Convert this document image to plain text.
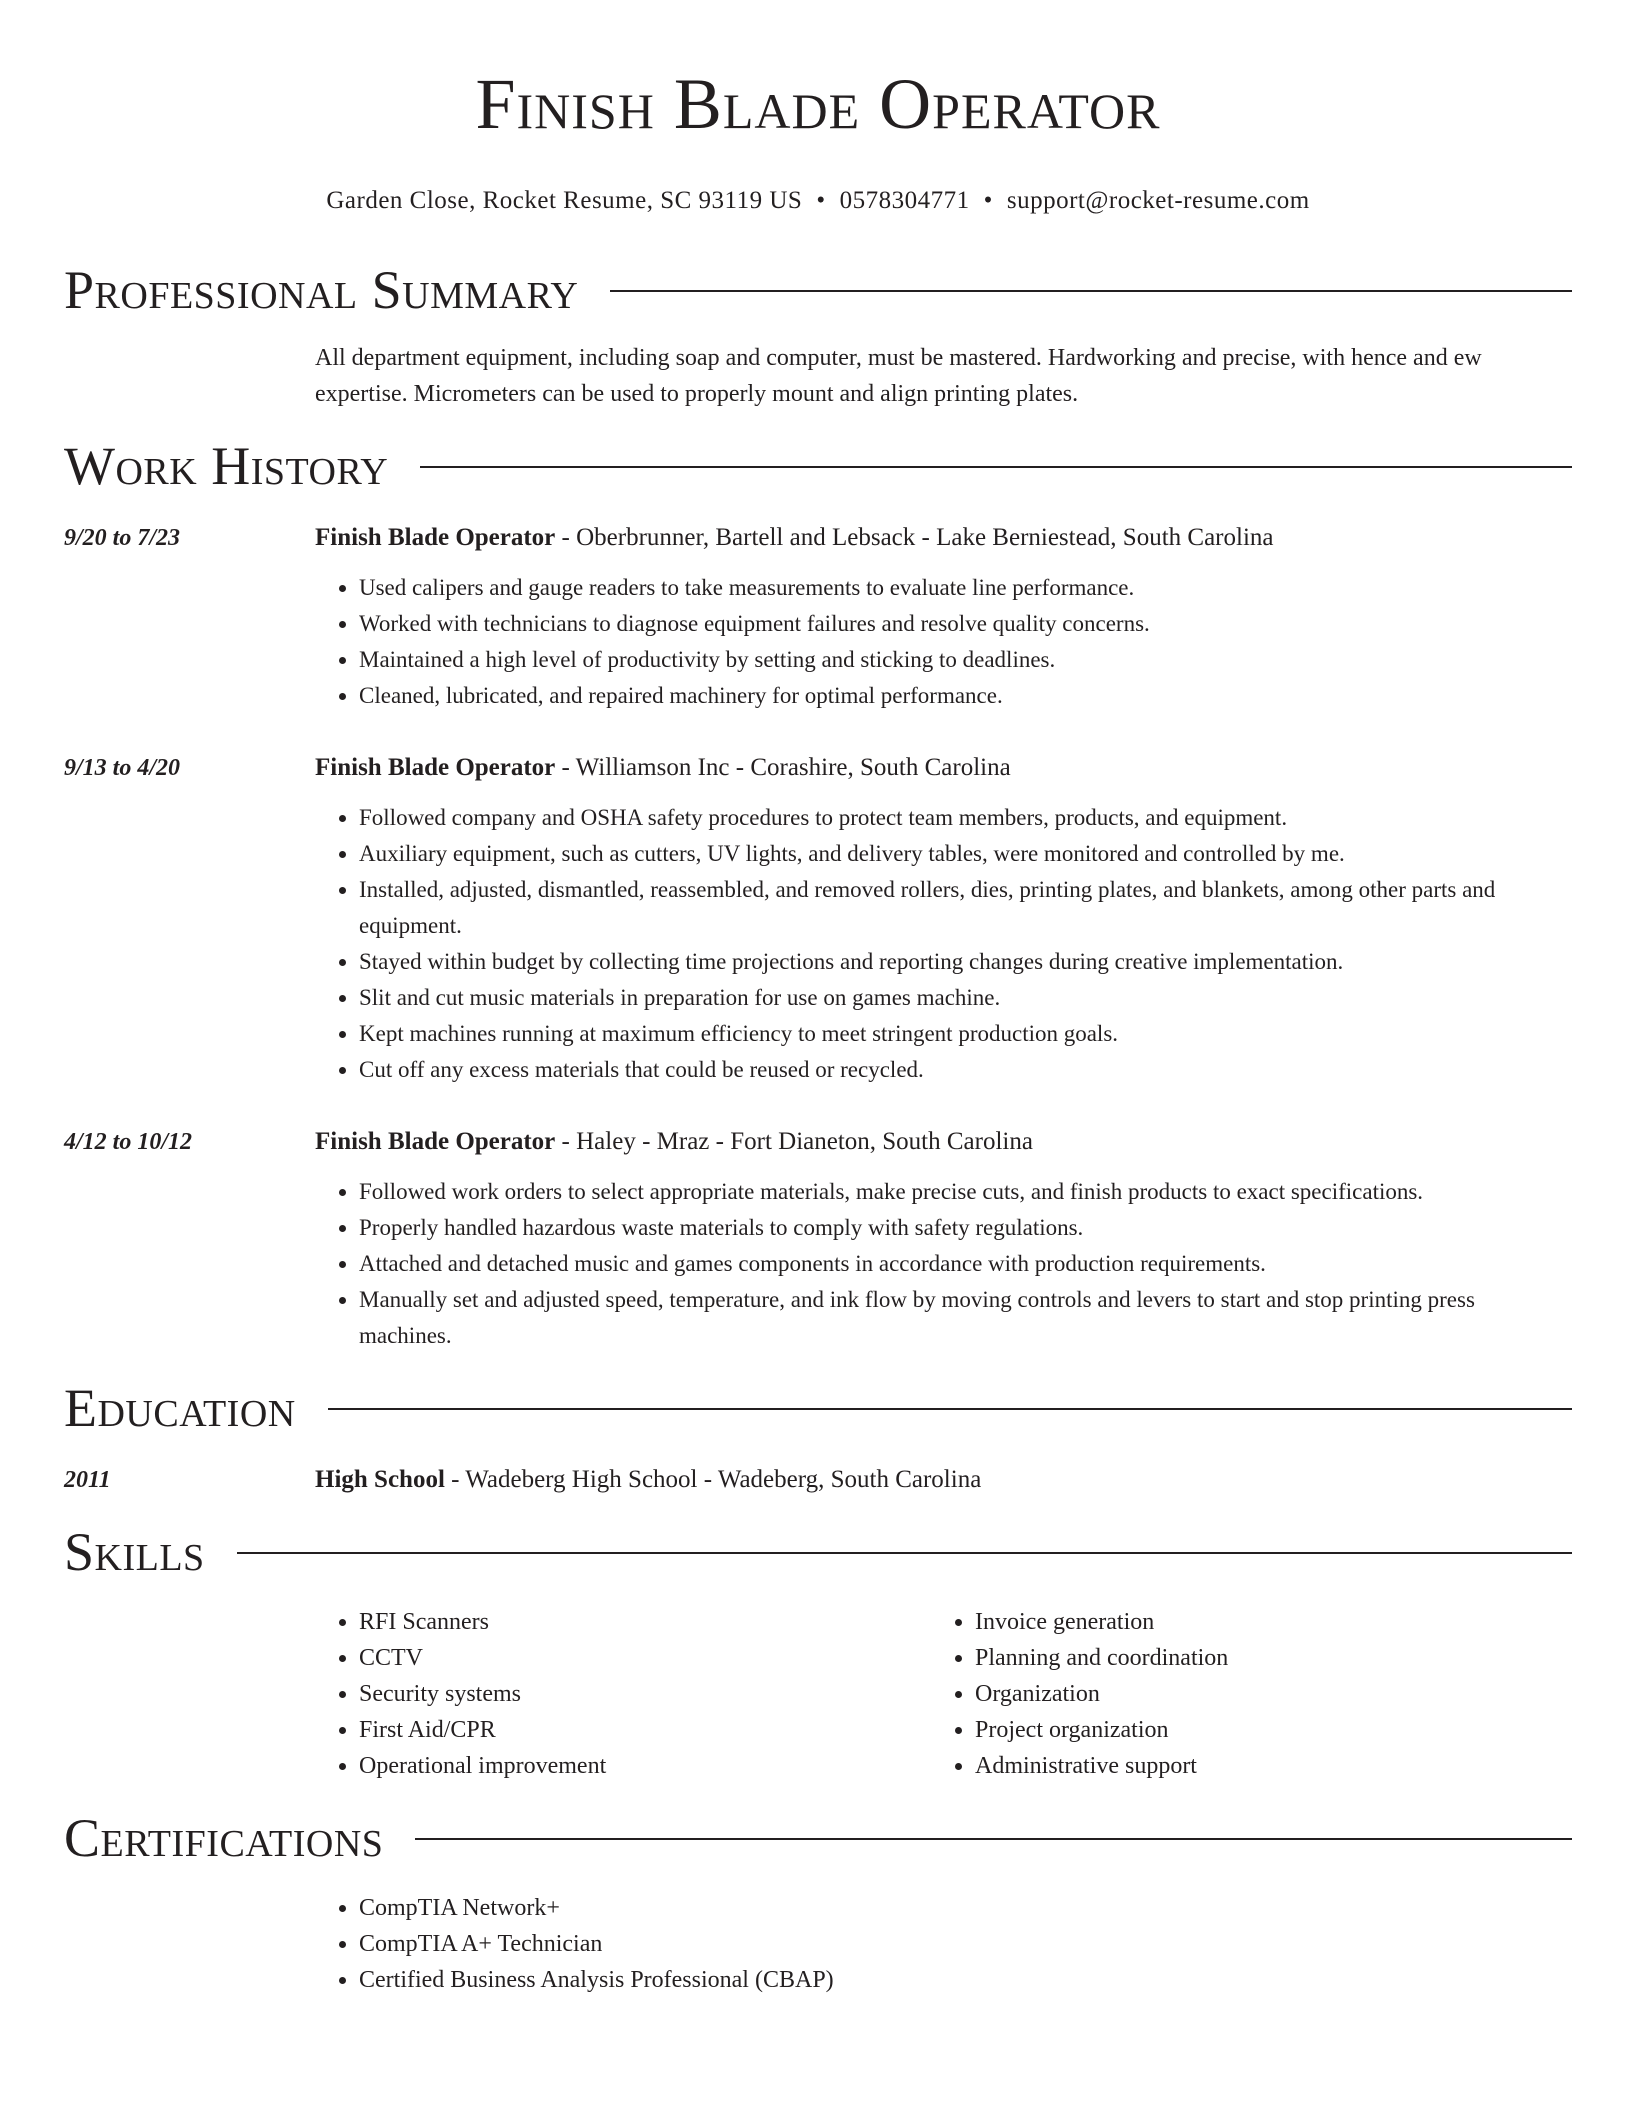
Finish Blade Operator
Garden Close, Rocket Resume, SC 93119 US • 0578304771 • support@rocket-resume.com
Professional Summary
All department equipment, including soap and computer, must be mastered. Hardworking and precise, with hence and ew expertise. Micrometers can be used to properly mount and align printing plates.
Work History
9/20 to 7/23	Finish Blade Operator - Oberbrunner, Bartell and Lebsack - Lake Berniestead, South Carolina
• Used calipers and gauge readers to take measurements to evaluate line performance.
• Worked with technicians to diagnose equipment failures and resolve quality concerns.
• Maintained a high level of productivity by setting and sticking to deadlines.
• Cleaned, lubricated, and repaired machinery for optimal performance.
9/13 to 4/20	Finish Blade Operator - Williamson Inc - Corashire, South Carolina
• Followed company and OSHA safety procedures to protect team members, products, and equipment.
• Auxiliary equipment, such as cutters, UV lights, and delivery tables, were monitored and controlled by me.
• Installed, adjusted, dismantled, reassembled, and removed rollers, dies, printing plates, and blankets, among other parts and equipment.
• Stayed within budget by collecting time projections and reporting changes during creative implementation.
• Slit and cut music materials in preparation for use on games machine.
• Kept machines running at maximum efficiency to meet stringent production goals.
• Cut off any excess materials that could be reused or recycled.
4/12 to 10/12	Finish Blade Operator - Haley - Mraz - Fort Dianeton, South Carolina
• Followed work orders to select appropriate materials, make precise cuts, and finish products to exact specifications.
• Properly handled hazardous waste materials to comply with safety regulations.
• Attached and detached music and games components in accordance with production requirements.
• Manually set and adjusted speed, temperature, and ink flow by moving controls and levers to start and stop printing press machines.
Education
2011	High School - Wadeberg High School - Wadeberg, South Carolina
Skills
• RFI Scanners
• CCTV
• Security systems
• First Aid/CPR
• Operational improvement
• Invoice generation
• Planning and coordination
• Organization
• Project organization
• Administrative support
Certifications
• CompTIA Network+
• CompTIA A+ Technician
• Certified Business Analysis Professional (CBAP)
